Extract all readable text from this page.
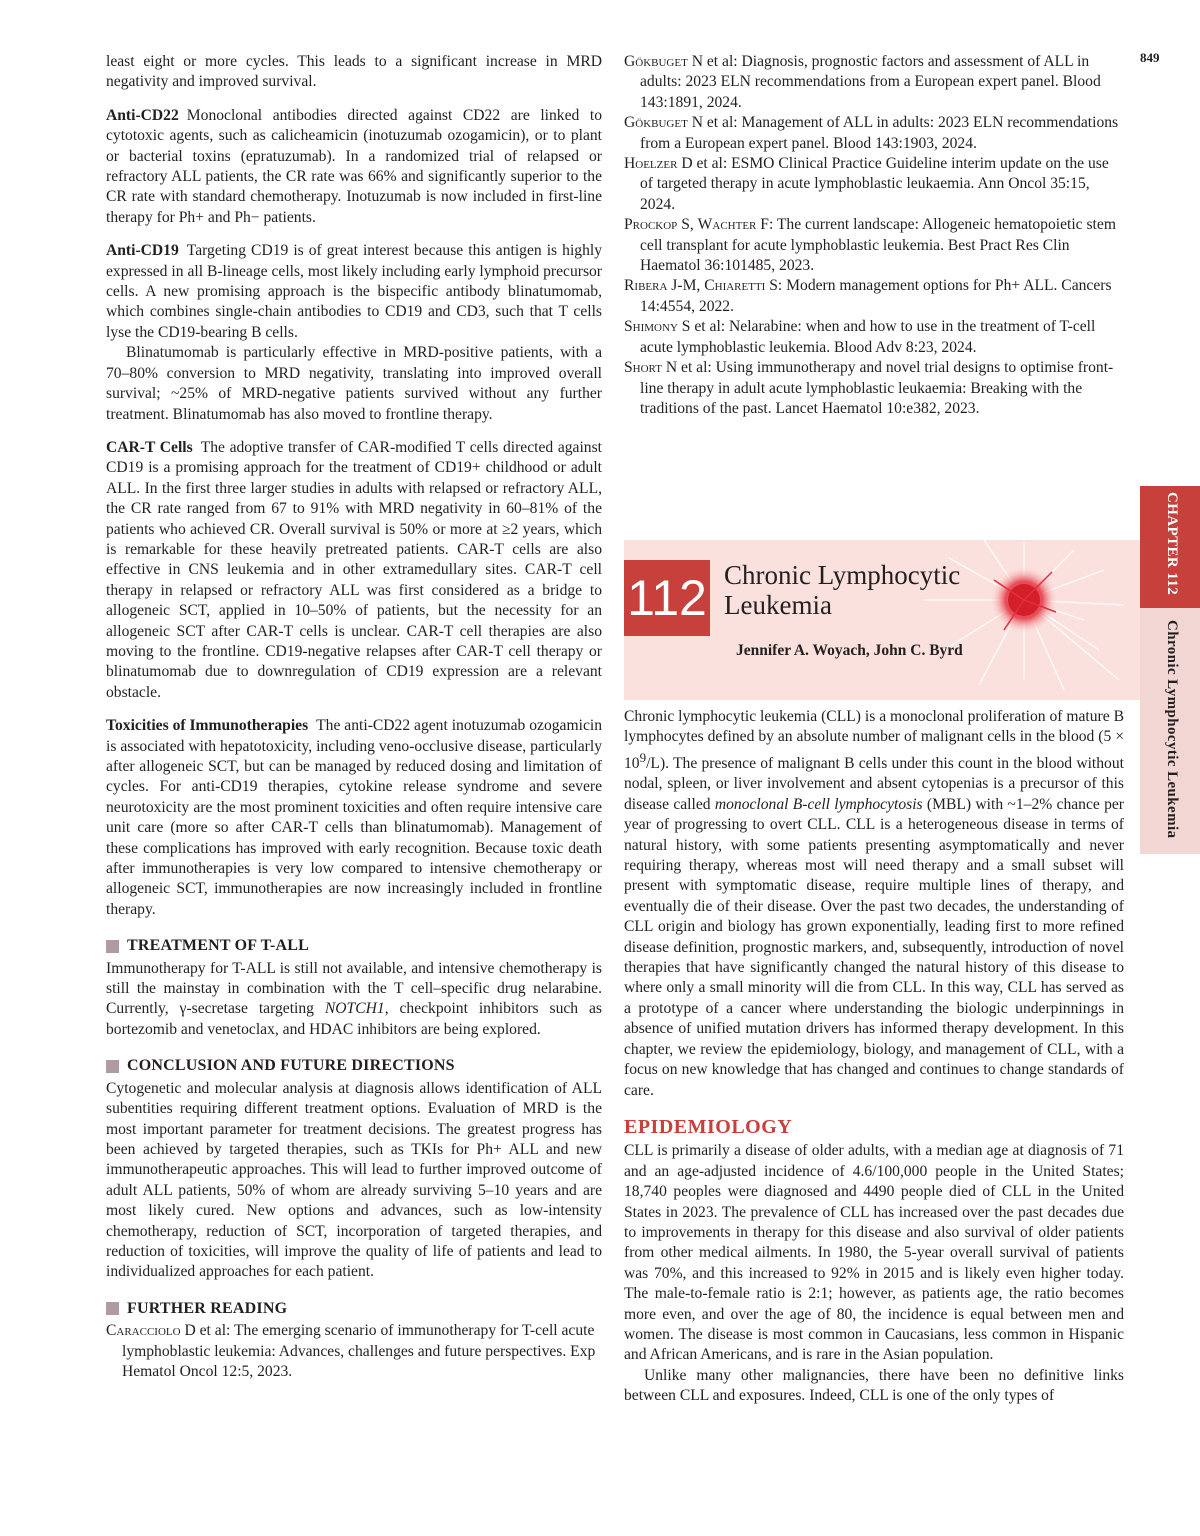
849

least eight or more cycles. This leads to a significant increase in MRD negativity and improved survival.

Anti-CD22 Monoclonal antibodies directed against CD22 are linked to cytotoxic agents, such as calicheamicin (inotuzumab ozogamicin), or to plant or bacterial toxins (epratuzumab). In a randomized trial of relapsed or refractory ALL patients, the CR rate was 66% and significantly superior to the CR rate with standard chemotherapy. Inotuzumab is now included in first-line therapy for Ph+ and Ph− patients.

Anti-CD19 Targeting CD19 is of great interest because this antigen is highly expressed in all B-lineage cells, most likely including early lymphoid precursor cells. A new promising approach is the bispecific antibody blinatumomab, which combines single-chain antibodies to CD19 and CD3, such that T cells lyse the CD19-bearing B cells.

Blinatumomab is particularly effective in MRD-positive patients, with a 70–80% conversion to MRD negativity, translating into improved overall survival; ~25% of MRD-negative patients survived without any further treatment. Blinatumomab has also moved to frontline therapy.

CAR-T Cells The adoptive transfer of CAR-modified T cells directed against CD19 is a promising approach for the treatment of CD19+ childhood or adult ALL. In the first three larger studies in adults with relapsed or refractory ALL, the CR rate ranged from 67 to 91% with MRD negativity in 60–81% of the patients who achieved CR. Overall survival is 50% or more at ≥2 years, which is remarkable for these heavily pretreated patients. CAR-T cells are also effective in CNS leukemia and in other extramedullary sites. CAR-T cell therapy in relapsed or refractory ALL was first considered as a bridge to allogeneic SCT, applied in 10–50% of patients, but the necessity for an allogeneic SCT after CAR-T cells is unclear. CAR-T cell therapies are also moving to the frontline. CD19-negative relapses after CAR-T cell therapy or blinatumomab due to downregulation of CD19 expression are a relevant obstacle.

Toxicities of Immunotherapies The anti-CD22 agent inotuzumab ozogamicin is associated with hepatotoxicity, including veno-occlusive disease, particularly after allogeneic SCT, but can be managed by reduced dosing and limitation of cycles. For anti-CD19 therapies, cytokine release syndrome and severe neurotoxicity are the most prominent toxicities and often require intensive care unit care (more so after CAR-T cells than blinatumomab). Management of these complications has improved with early recognition. Because toxic death after immunotherapies is very low compared to intensive chemotherapy or allogeneic SCT, immunotherapies are now increasingly included in frontline therapy.

TREATMENT OF T-ALL

Immunotherapy for T-ALL is still not available, and intensive chemotherapy is still the mainstay in combination with the T cell–specific drug nelarabine. Currently, γ-secretase targeting NOTCH1, checkpoint inhibitors such as bortezomib and venetoclax, and HDAC inhibitors are being explored.

CONCLUSION AND FUTURE DIRECTIONS

Cytogenetic and molecular analysis at diagnosis allows identification of ALL subentities requiring different treatment options. Evaluation of MRD is the most important parameter for treatment decisions. The greatest progress has been achieved by targeted therapies, such as TKIs for Ph+ ALL and new immunotherapeutic approaches. This will lead to further improved outcome of adult ALL patients, 50% of whom are already surviving 5–10 years and are most likely cured. New options and advances, such as low-intensity chemotherapy, reduction of SCT, incorporation of targeted therapies, and reduction of toxicities, will improve the quality of life of patients and lead to individualized approaches for each patient.

FURTHER READING

Caracciolo D et al: The emerging scenario of immunotherapy for T-cell acute lymphoblastic leukemia: Advances, challenges and future perspectives. Exp Hematol Oncol 12:5, 2023.

Gökbuget N et al: Diagnosis, prognostic factors and assessment of ALL in adults: 2023 ELN recommendations from a European expert panel. Blood 143:1891, 2024.

Gökbuget N et al: Management of ALL in adults: 2023 ELN recommendations from a European expert panel. Blood 143:1903, 2024.

Hoelzer D et al: ESMO Clinical Practice Guideline interim update on the use of targeted therapy in acute lymphoblastic leukaemia. Ann Oncol 35:15, 2024.

Prockop S, Wachter F: The current landscape: Allogeneic hematopoietic stem cell transplant for acute lymphoblastic leukemia. Best Pract Res Clin Haematol 36:101485, 2023.

Ribera J-M, Chiaretti S: Modern management options for Ph+ ALL. Cancers 14:4554, 2022.

Shimony S et al: Nelarabine: when and how to use in the treatment of T-cell acute lymphoblastic leukemia. Blood Adv 8:23, 2024.

Short N et al: Using immunotherapy and novel trial designs to optimise front-line therapy in adult acute lymphoblastic leukaemia: Breaking with the traditions of the past. Lancet Haematol 10:e382, 2023.

CHAPTER 112Chronic Lymphocytic Leukemia
112 Chronic Lymphocytic
Leukemia
Jennifer A. Woyach, John C. Byrd

Chronic lymphocytic leukemia (CLL) is a monoclonal proliferation of mature B lymphocytes defined by an absolute number of malignant cells in the blood $(5 \times 10^9/L)$. The presence of malignant B cells under this count in the blood without nodal, spleen, or liver involvement and absent cytopenias is a precursor of this disease called monoclonal B-cell lymphocytosis (MBL) with ~1–2% chance per year of progressing to overt CLL. CLL is a heterogeneous disease in terms of natural history, with some patients presenting asymptomatically and never requiring therapy, whereas most will need therapy and a small subset will present with symptomatic disease, require multiple lines of therapy, and eventually die of their disease. Over the past two decades, the understanding of CLL origin and biology has grown exponentially, leading first to more refined disease definition, prognostic markers, and, subsequently, introduction of novel therapies that have significantly changed the natural history of this disease to where only a small minority will die from CLL. In this way, CLL has served as a prototype of a cancer where understanding the biologic underpinnings in absence of unified mutation drivers has informed therapy development. In this chapter, we review the epidemiology, biology, and management of CLL, with a focus on new knowledge that has changed and continues to change standards of care.

EPIDEMIOLOGY

CLL is primarily a disease of older adults, with a median age at diagnosis of 71 and an age-adjusted incidence of 4.6/100,000 people in the United States; 18,740 peoples were diagnosed and 4490 people died of CLL in the United States in 2023. The prevalence of CLL has increased over the past decades due to improvements in therapy for this disease and also survival of older patients from other medical ailments. In 1980, the 5-year overall survival of patients was 70%, and this increased to 92% in 2015 and is likely even higher today. The male-to-female ratio is 2:1; however, as patients age, the ratio becomes more even, and over the age of 80, the incidence is equal between men and women. The disease is most common in Caucasians, less common in Hispanic and African Americans, and is rare in the Asian population.

Unlike many other malignancies, there have been no definitive links between CLL and exposures. Indeed, CLL is one of the only types of
